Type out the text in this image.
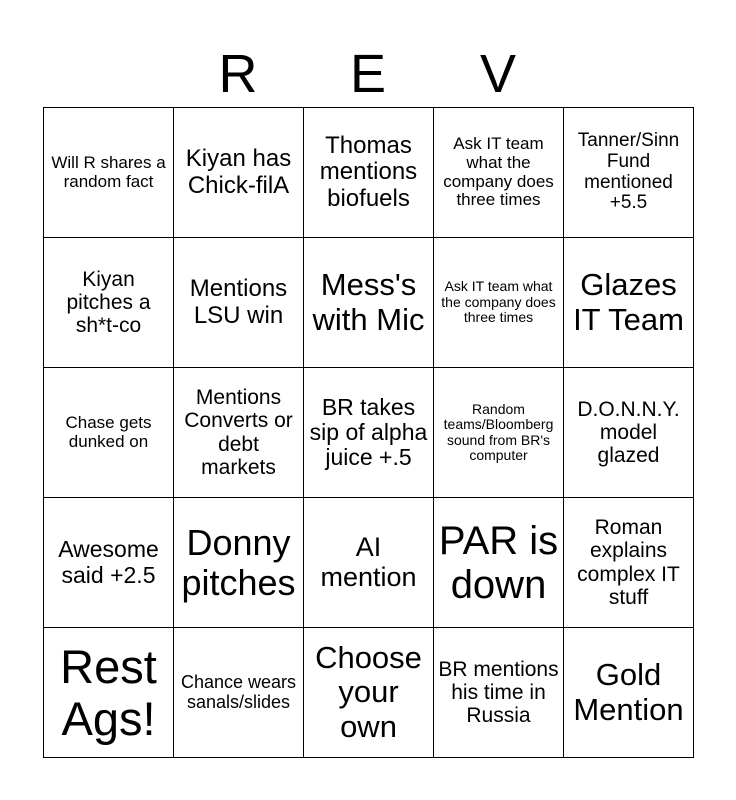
R	E	V
Will R shares a random fact	Kiyan has Chick-filA	Thomas mentions biofuels	Ask IT team what the company does three times	Tanner/Sinn Fund mentioned +5.5
Kiyan pitches a sh*t-co	Mentions LSU win	Mess's with Mic	Ask IT team what the company does three times	Glazes IT Team
Chase gets dunked on	Mentions Converts or debt markets	BR takes sip of alpha juice +.5	Random teams/Bloomberg sound from BR's computer	D.O.N.N.Y. model glazed
Awesome said +2.5	Donny pitches	AI mention	PAR is down	Roman explains complex IT stuff
Rest Ags!	Chance wears sanals/slides	Choose your own	BR mentions his time in Russia	Gold Mention
